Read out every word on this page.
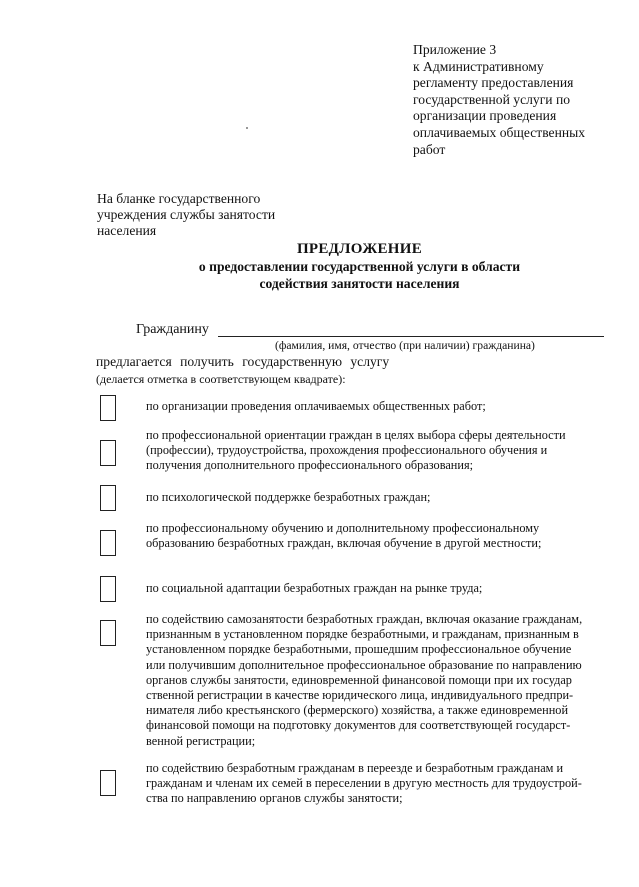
Приложение 3
к Административному
регламенту предоставления
государственной услуги по
организации проведения
оплачиваемых общественных
работ
На бланке государственного
учреждения службы занятости
населения
ПРЕДЛОЖЕНИЕ
о предоставлении государственной услуги в области
содействия занятости населения
Гражданину
(фамилия, имя, отчество (при наличии) гражданина)
предлагается получить государственную услугу
(делается отметка в соответствующем квадрате):
по организации проведения оплачиваемых общественных работ;
по профессиональной ориентации граждан в целях выбора сферы деятельности
(профессии), трудоустройства, прохождения профессионального обучения и
получения дополнительного профессионального образования;
по психологической поддержке безработных граждан;
по профессиональному обучению и дополнительному профессиональному
образованию безработных граждан, включая обучение в другой местности;
по социальной адаптации безработных граждан на рынке труда;
по содействию самозанятости безработных граждан, включая оказание гражданам,
признанным в установленном порядке безработными, и гражданам, признанным в
установленном порядке безработными, прошедшим профессиональное обучение
или получившим дополнительное профессиональное образование по направлению
органов службы занятости, единовременной финансовой помощи при их государ
ственной регистрации в качестве юридического лица, индивидуального предпри-
нимателя либо крестьянского (фермерского) хозяйства, а также единовременной
финансовой помощи на подготовку документов для соответствующей государст-
венной регистрации;
по содействию безработным гражданам в переезде и безработным гражданам и
гражданам и членам их семей в переселении в другую местность для трудоустрой-
ства по направлению органов службы занятости;
